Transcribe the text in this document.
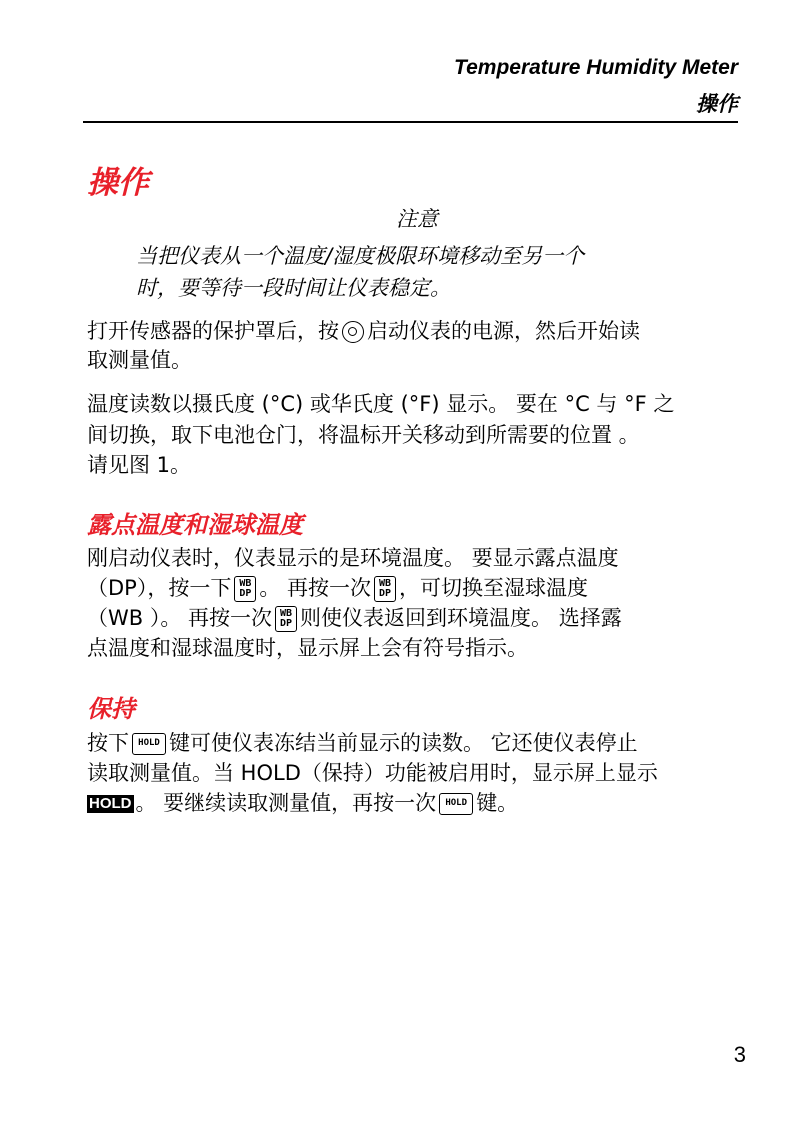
Temperature Humidity Meter
操作
操作
注意
当把仪表从一个温度/湿度极限环境移动至另一个
时，要等待一段时间让仪表稳定。
打开传感器的保护罩后，按 启动仪表的电源，然后开始读
取测量值。
温度读数以摄氏度 (°C) 或华氏度 (°F) 显示。 要在 °C 与 °F 之
间切换，取下电池仓门，将温标开关移动到所需要的位置 。
请见图 1。
露点温度和湿球温度
刚启动仪表时，仪表显示的是环境温度。 要显示露点温度
（DP），按一下 WB
DP 。 再按一次 WB
DP ，可切换至湿球温度
（WB ）。 再按一次 WB
DP 则使仪表返回到环境温度。 选择露
点温度和湿球温度时，显示屏上会有符号指示。
保持
按下 HOLD 键可使仪表冻结当前显示的读数。 它还使仪表停止
读取测量值。当 HOLD（保持）功能被启用时，显示屏上显示
HOLD 。 要继续读取测量值，再按一次 HOLD 键。
3
